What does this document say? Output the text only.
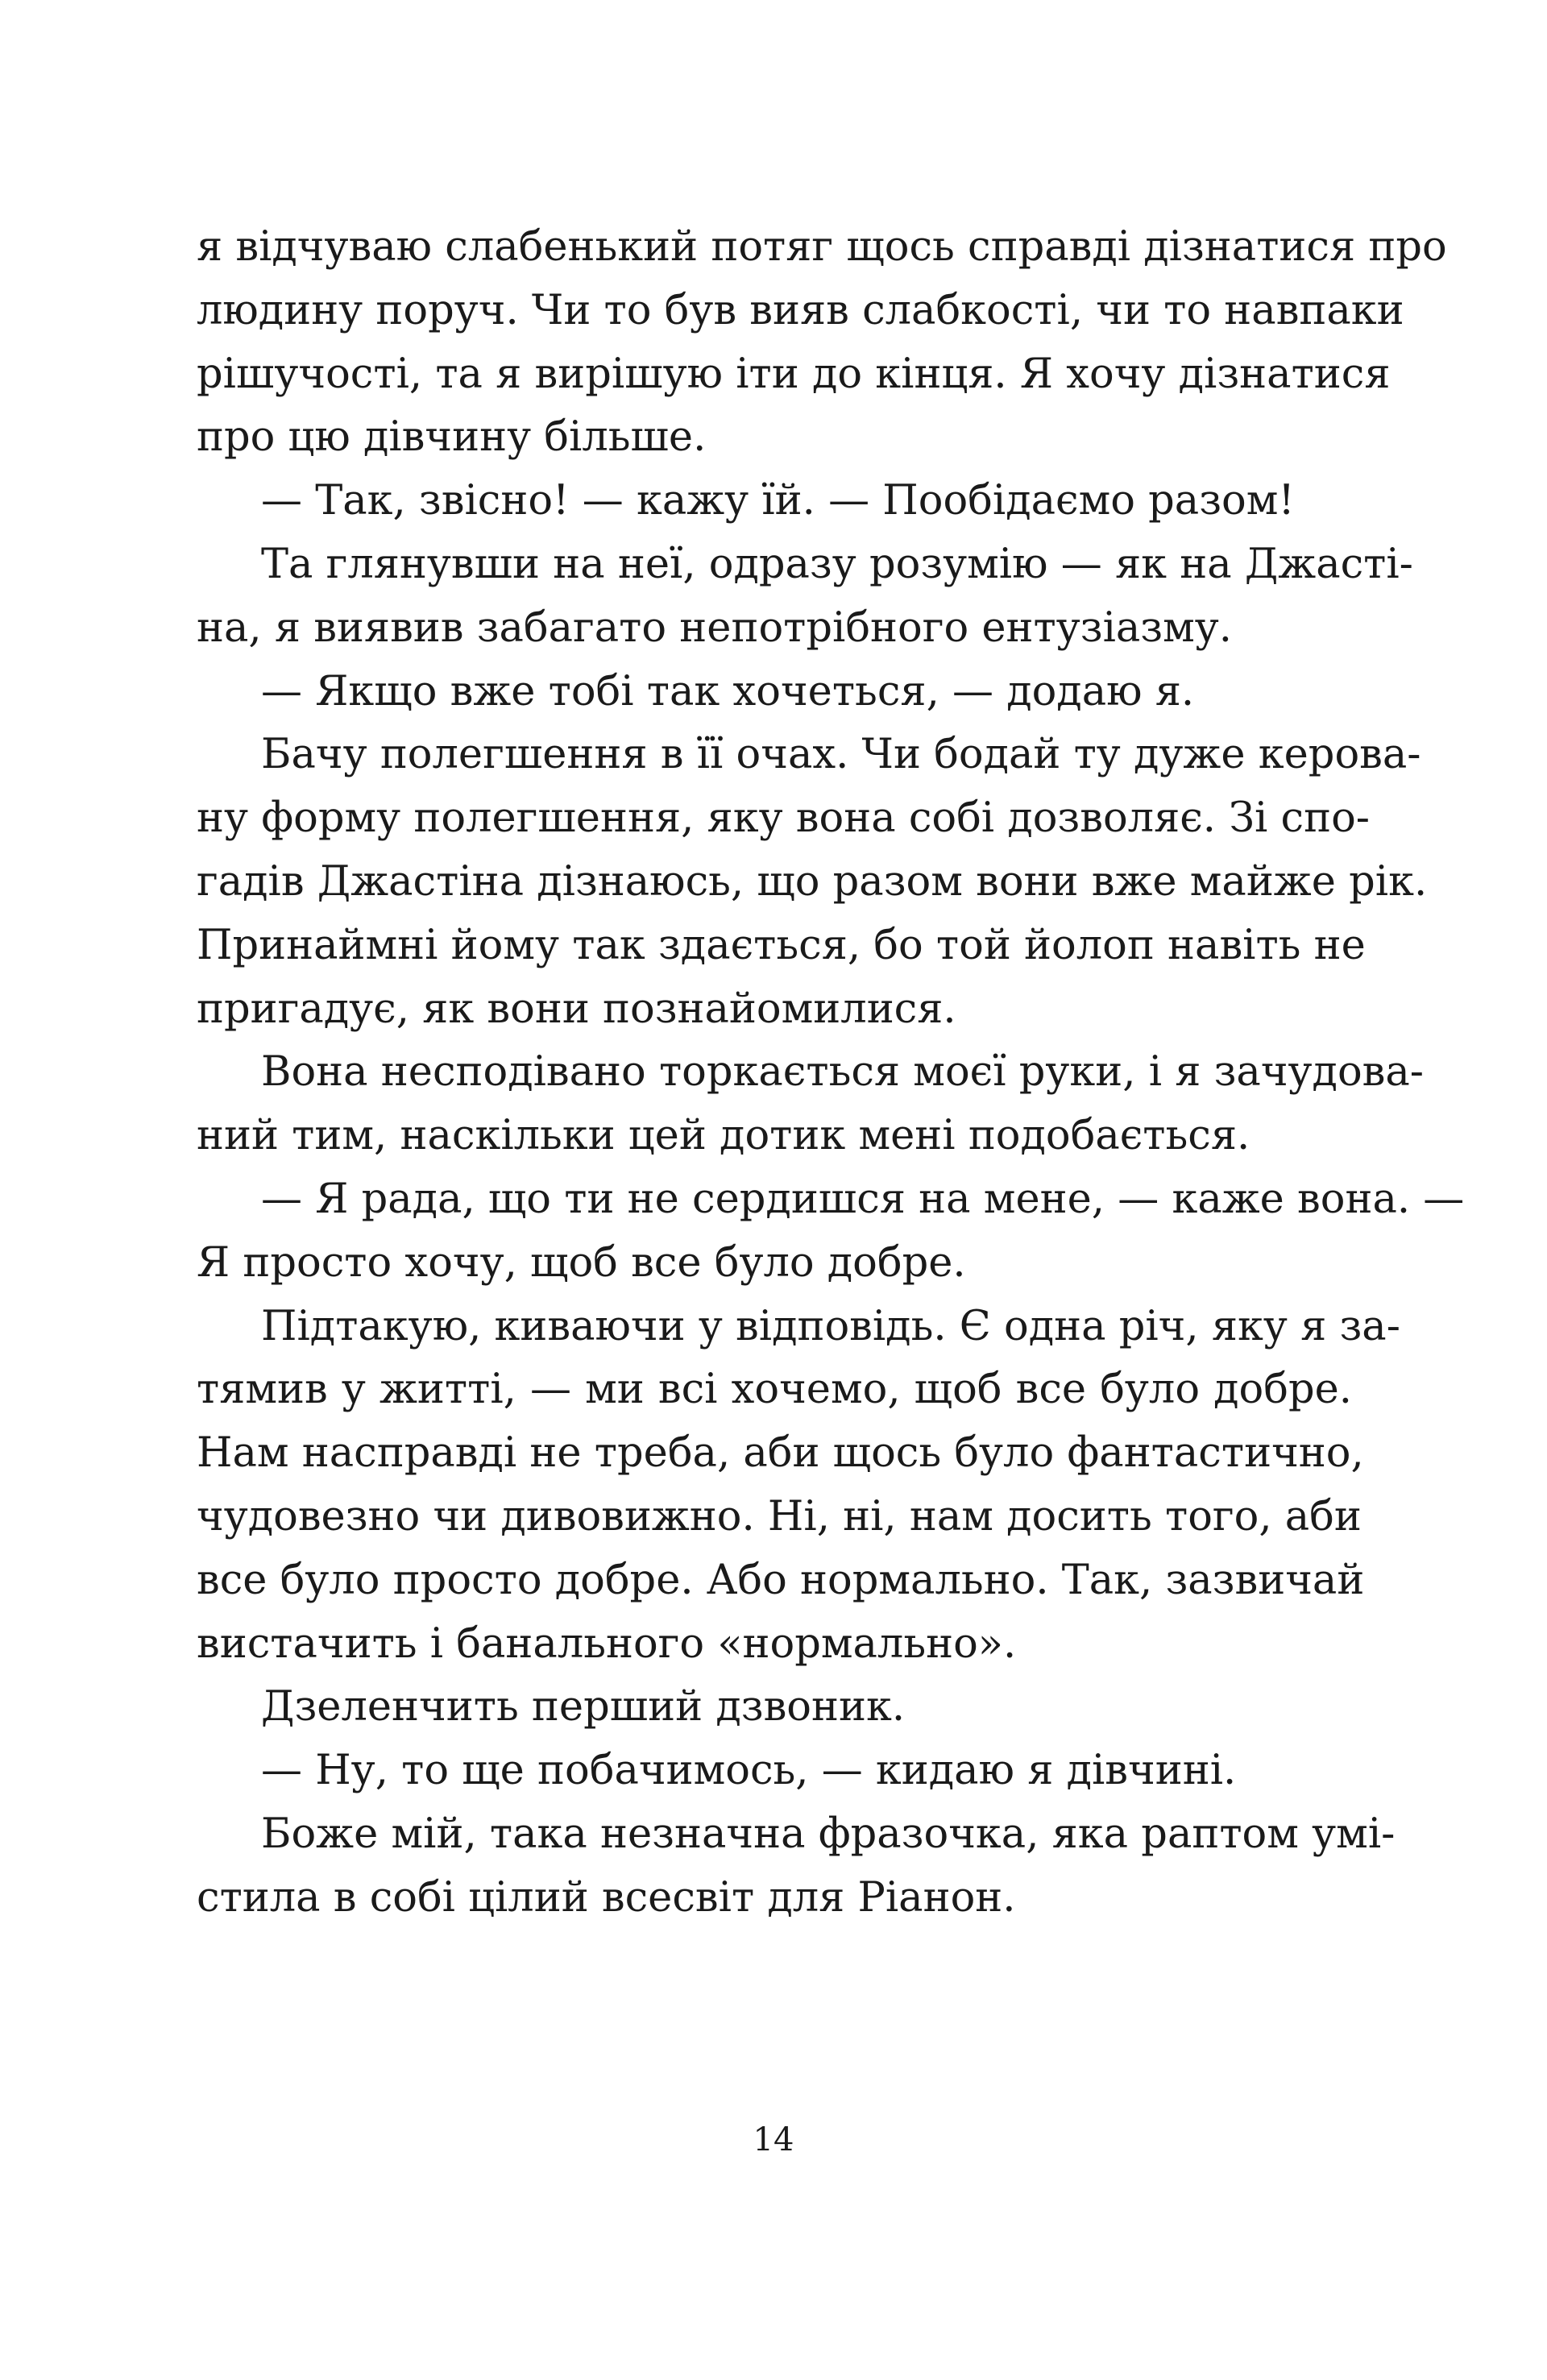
я відчуваю слабенький потяг щось справді дізнатися про
людину поруч. Чи то був вияв слабкості, чи то навпаки
рішучості, та я вирішую іти до кінця. Я хочу дізнатися
про цю дівчину більше.
— Так, звісно! — кажу їй. — Пообідаємо разом!
Та глянувши на неї, одразу розумію — як на Джасті-
на, я виявив забагато непотрібного ентузіазму.
— Якщо вже тобі так хочеться, — додаю я.
Бачу полегшення в її очах. Чи бодай ту дуже керова-
ну форму полегшення, яку вона собі дозволяє. Зі спо-
гадів Джастіна дізнаюсь, що разом вони вже майже рік.
Принаймні йому так здається, бо той йолоп навіть не
пригадує, як вони познайомилися.
Вона несподівано торкається моєї руки, і я зачудова-
ний тим, наскільки цей дотик мені подобається.
— Я рада, що ти не сердишся на мене, — каже вона. —
Я просто хочу, щоб все було добре.
Підтакую, киваючи у відповідь. Є одна річ, яку я за-
тямив у житті, — ми всі хочемо, щоб все було добре.
Нам насправді не треба, аби щось було фантастично,
чудовезно чи дивовижно. Ні, ні, нам досить того, аби
все було просто добре. Або нормально. Так, зазвичай
вистачить і банального «нормально».
Дзеленчить перший дзвоник.
— Ну, то ще побачимось, — кидаю я дівчині.
Боже мій, така незначна фразочка, яка раптом умі-
стила в собі цілий всесвіт для Ріанон.
14
